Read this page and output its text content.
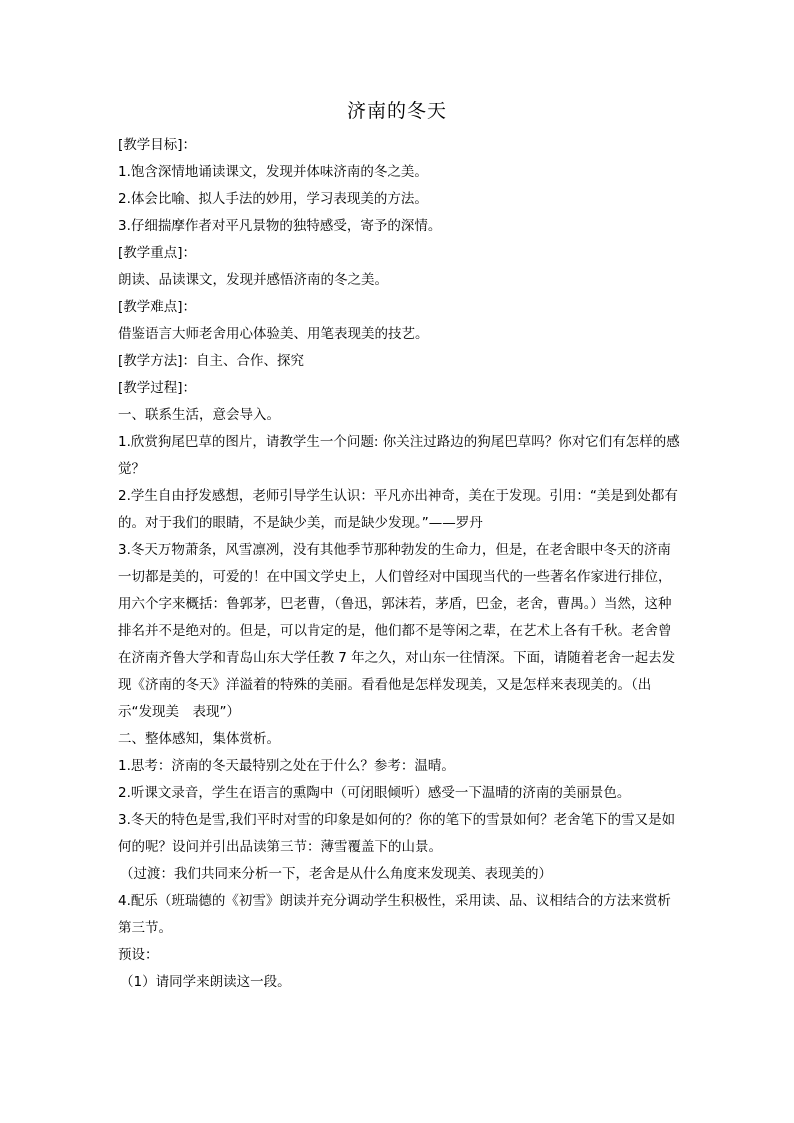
济南的冬天

[教学目标]：

1.饱含深情地诵读课文，发现并体味济南的冬之美。

2.体会比喻、拟人手法的妙用，学习表现美的方法。

3.仔细揣摩作者对平凡景物的独特感受，寄予的深情。

[教学重点]：

朗读、品读课文，发现并感悟济南的冬之美。

[教学难点]：

借鉴语言大师老舍用心体验美、用笔表现美的技艺。

[教学方法]：自主、合作、探究

[教学过程]：

一、联系生活，意会导入。

1.欣赏狗尾巴草的图片，请教学生一个问题: 你关注过路边的狗尾巴草吗？你对它们有怎样的感觉？

2.学生自由抒发感想，老师引导学生认识：平凡亦出神奇，美在于发现。引用：“美是到处都有的。对于我们的眼睛，不是缺少美，而是缺少发现。”——罗丹

3.冬天万物萧条，风雪凛冽，没有其他季节那种勃发的生命力，但是，在老舍眼中冬天的济南一切都是美的，可爱的！在中国文学史上，人们曾经对中国现当代的一些著名作家进行排位，用六个字来概括：鲁郭茅，巴老曹，（鲁迅，郭沫若，茅盾，巴金，老舍，曹禺。）当然，这种排名并不是绝对的。但是，可以肯定的是，他们都不是等闲之辈，在艺术上各有千秋。老舍曾在济南齐鲁大学和青岛山东大学任教 7 年之久，对山东一往情深。下面，请随着老舍一起去发现《济南的冬天》洋溢着的特殊的美丽。看看他是怎样发现美，又是怎样来表现美的。（出示“发现美　表现”）

二、整体感知，集体赏析。

1.思考：济南的冬天最特别之处在于什么？参考：温晴。

2.听课文录音，学生在语言的熏陶中（可闭眼倾听）感受一下温晴的济南的美丽景色。

3.冬天的特色是雪,我们平时对雪的印象是如何的？你的笔下的雪景如何？老舍笔下的雪又是如何的呢？设问并引出品读第三节：薄雪覆盖下的山景。

（过渡：我们共同来分析一下，老舍是从什么角度来发现美、表现美的）

4.配乐（班瑞德的《初雪》朗读并充分调动学生积极性，采用读、品、议相结合的方法来赏析第三节。

预设：

（1）请同学来朗读这一段。
